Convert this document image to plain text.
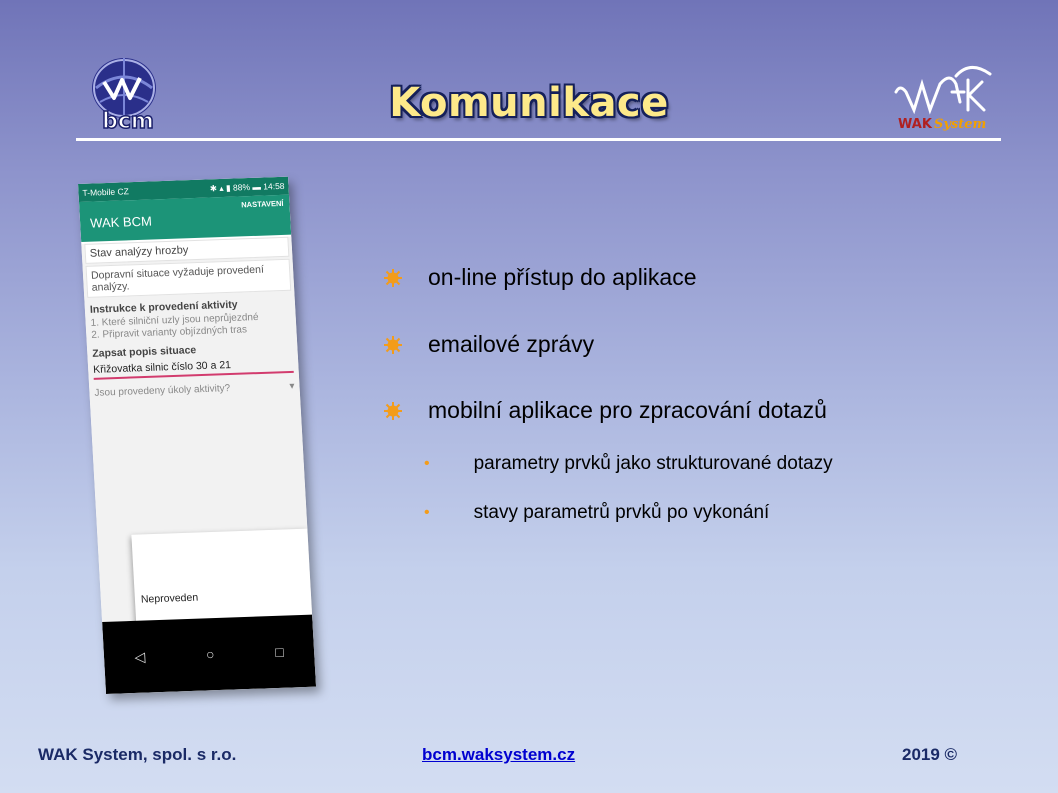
bcm	Komunikace	WAK System
T-Mobile CZ	✱ ▴ ▮ 88% ▬ 14:58
WAK BCM
NASTAVENÍ
Stav analýzy hrozby
Dopravní situace vyžaduje provedení analýzy.
Instrukce k provedení aktivity
1. Které silniční uzly jsou neprůjezdné
2. Připravit varianty objízdných tras
Zapsat popis situace
Křižovatka silnic číslo 30 a 21
Jsou provedeny úkoly aktivity?	▾
Neproveden
◁	○	□
on-line přístup do aplikace
emailové zprávy
mobilní aplikace pro zpracování dotazů
• parametry prvků jako strukturované dotazy
• stavy parametrů prvků po vykonání
WAK System, spol. s r.o.	bcm.waksystem.cz	2019 ©
